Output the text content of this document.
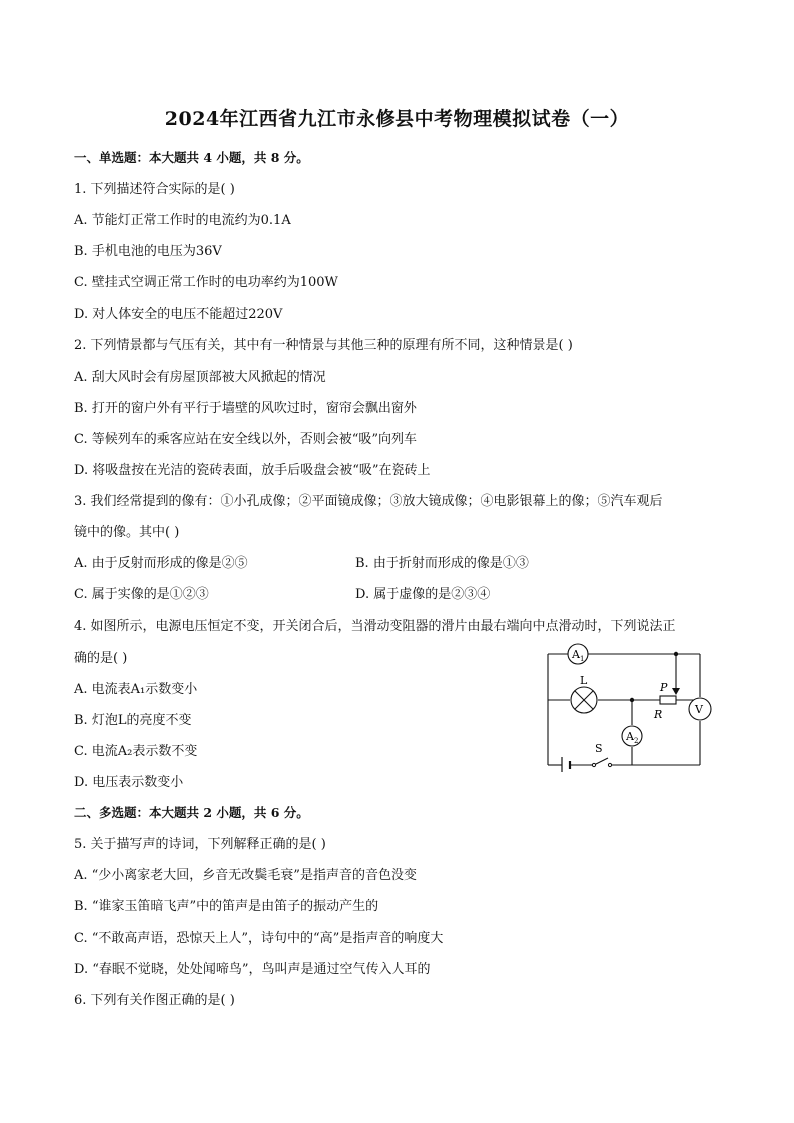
2024年江西省九江市永修县中考物理模拟试卷（一）
一、单选题：本大题共 4 小题，共 8 分。
1. 下列描述符合实际的是( )
A. 节能灯正常工作时的电流约为0.1A
B. 手机电池的电压为36V
C. 壁挂式空调正常工作时的电功率约为100W
D. 对人体安全的电压不能超过220V
2. 下列情景都与气压有关，其中有一种情景与其他三种的原理有所不同，这种情景是( )
A. 刮大风时会有房屋顶部被大风掀起的情况
B. 打开的窗户外有平行于墙壁的风吹过时，窗帘会飘出窗外
C. 等候列车的乘客应站在安全线以外，否则会被“吸”向列车
D. 将吸盘按在光洁的瓷砖表面，放手后吸盘会被“吸”在瓷砖上
3. 我们经常提到的像有：①小孔成像；②平面镜成像；③放大镜成像；④电影银幕上的像；⑤汽车观后
镜中的像。其中( )
A. 由于反射而形成的像是②⑤	B. 由于折射而形成的像是①③
C. 属于实像的是①②③	D. 属于虚像的是②③④
4. 如图所示，电源电压恒定不变，开关闭合后，当滑动变阻器的滑片由最右端向中点滑动时，下列说法正
确的是( )
A. 电流表A₁示数变小
B. 灯泡L的亮度不变
C. 电流A₂表示数不变
D. 电压表示数变小
S
$A_1$
L
P
R
$A_2$
V
二、多选题：本大题共 2 小题，共 6 分。
5. 关于描写声的诗词，下列解释正确的是( )
A. “少小离家老大回，乡音无改鬓毛衰”是指声音的音色没变
B. “谁家玉笛暗飞声”中的笛声是由笛子的振动产生的
C. “不敢高声语，恐惊天上人”，诗句中的“高”是指声音的响度大
D. “春眠不觉晓，处处闻啼鸟”，鸟叫声是通过空气传入人耳的
6. 下列有关作图正确的是( )
